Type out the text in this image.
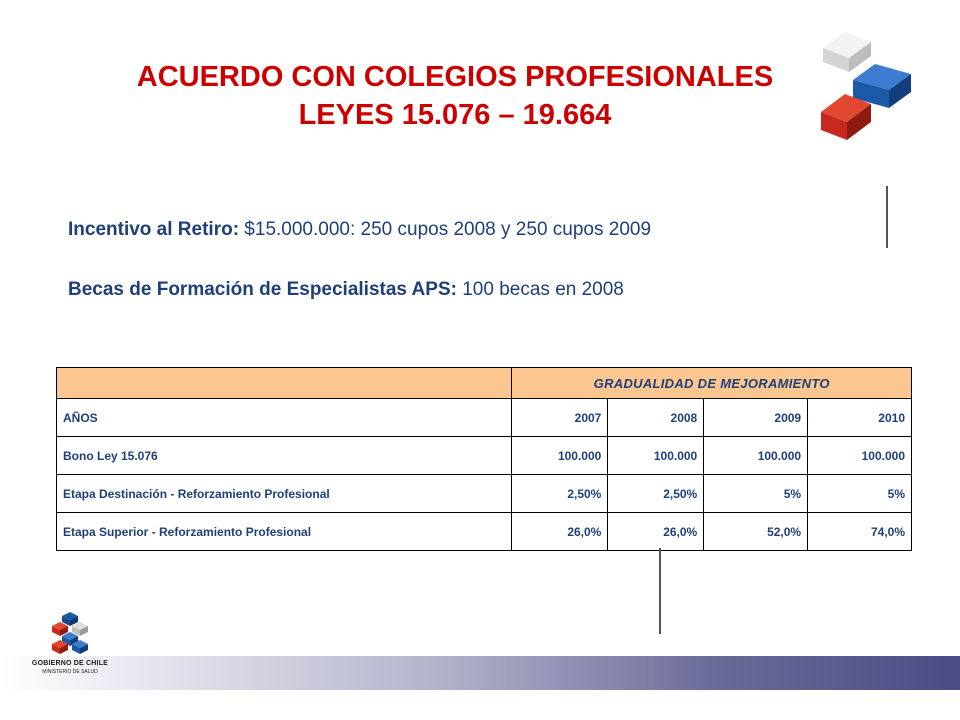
ACUERDO CON COLEGIOS PROFESIONALES
LEYES 15.076 – 19.664
Incentivo al Retiro: $15.000.000: 250 cupos 2008 y 250 cupos 2009
Becas de Formación de Especialistas APS: 100 becas en 2008
	GRADUALIDAD DE MEJORAMIENTO			
AÑOS	2007	2008	2009	2010
Bono Ley 15.076	100.000	100.000	100.000	100.000
Etapa Destinación - Reforzamiento Profesional	2,50%	2,50%	5%	5%
Etapa Superior - Reforzamiento Profesional	26,0%	26,0%	52,0%	74,0%
GOBIERNO DE CHILE
MINISTERIO DE SALUD
